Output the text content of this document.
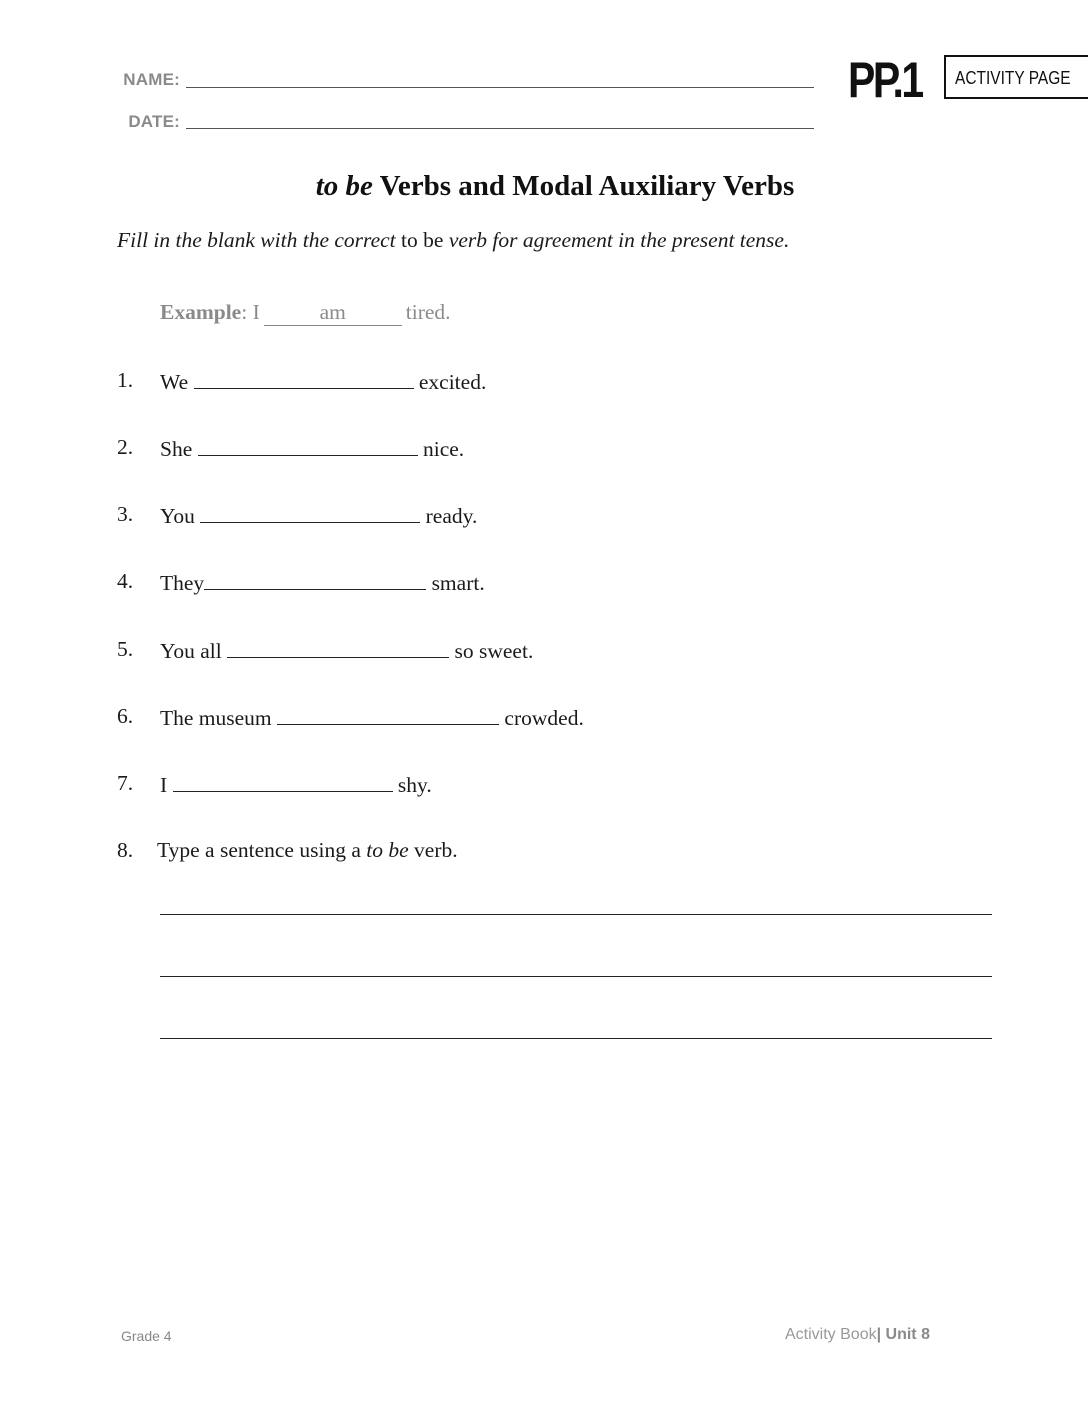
NAME:
DATE:
PP.1 ACTIVITY PAGE
to be Verbs and Modal Auxiliary Verbs
Fill in the blank with the correct to be verb for agreement in the present tense.
Example: I	am	tired.
1. We	excited.
2. She	nice.
3. You	ready.
4. They	smart.
5. You all	so sweet.
6. The museum	crowded.
7. I	shy.
8. Type a sentence using a to be verb.
Grade 4	Activity Book| Unit 8
